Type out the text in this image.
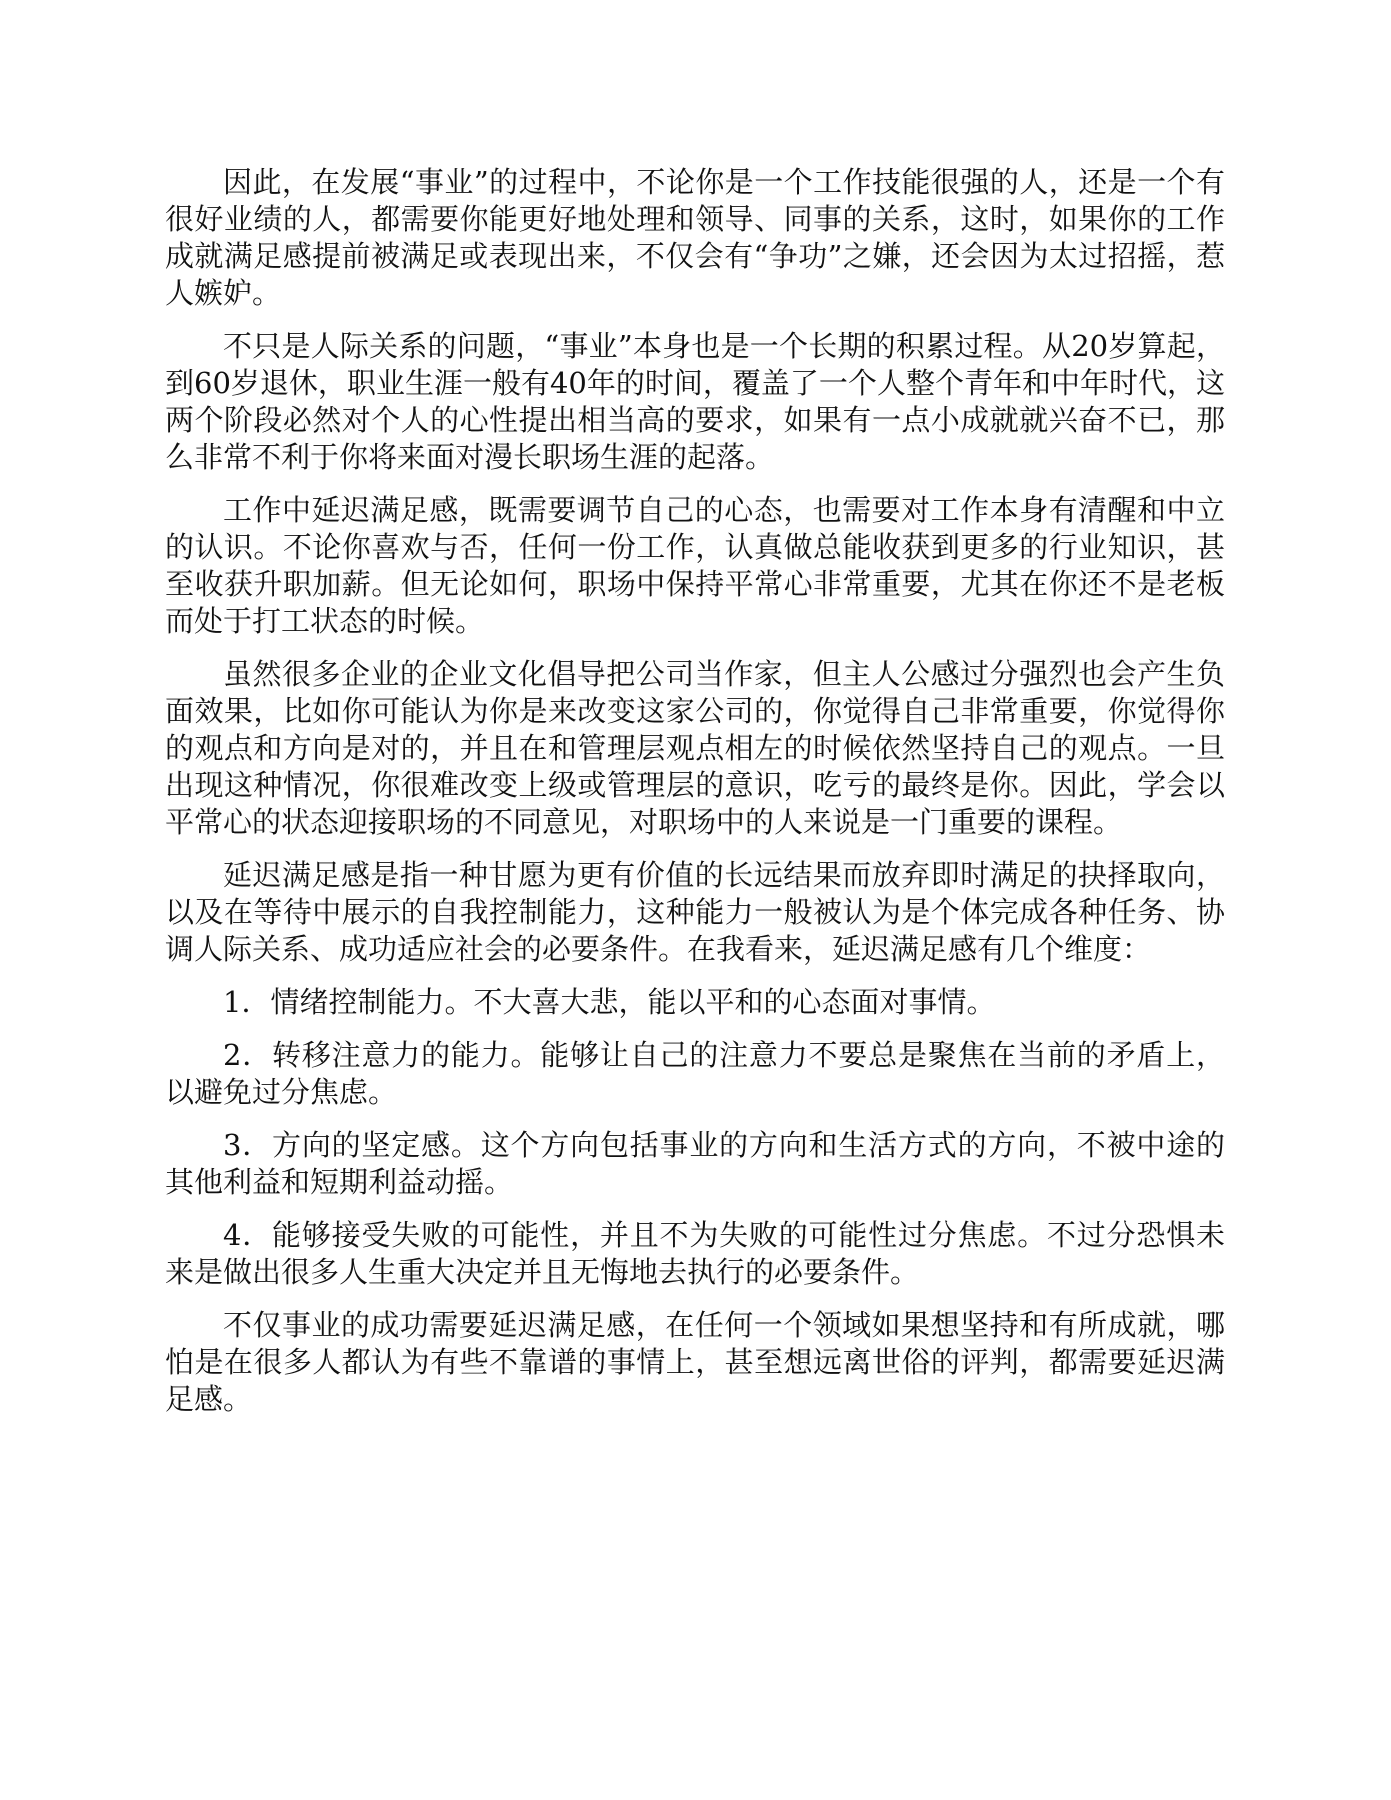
因此，在发展“事业”的过程中，不论你是一个工作技能很强的人，还是一个有很好业绩的人，都需要你能更好地处理和领导、同事的关系，这时，如果你的工作成就满足感提前被满足或表现出来，不仅会有“争功”之嫌，还会因为太过招摇，惹人嫉妒。

不只是人际关系的问题，“事业”本身也是一个长期的积累过程。从20岁算起，到60岁退休，职业生涯一般有40年的时间，覆盖了一个人整个青年和中年时代，这两个阶段必然对个人的心性提出相当高的要求，如果有一点小成就就兴奋不已，那么非常不利于你将来面对漫长职场生涯的起落。

工作中延迟满足感，既需要调节自己的心态，也需要对工作本身有清醒和中立的认识。不论你喜欢与否，任何一份工作，认真做总能收获到更多的行业知识，甚至收获升职加薪。但无论如何，职场中保持平常心非常重要，尤其在你还不是老板而处于打工状态的时候。

虽然很多企业的企业文化倡导把公司当作家，但主人公感过分强烈也会产生负面效果，比如你可能认为你是来改变这家公司的，你觉得自己非常重要，你觉得你的观点和方向是对的，并且在和管理层观点相左的时候依然坚持自己的观点。一旦出现这种情况，你很难改变上级或管理层的意识，吃亏的最终是你。因此，学会以平常心的状态迎接职场的不同意见，对职场中的人来说是一门重要的课程。

延迟满足感是指一种甘愿为更有价值的长远结果而放弃即时满足的抉择取向，以及在等待中展示的自我控制能力，这种能力一般被认为是个体完成各种任务、协调人际关系、成功适应社会的必要条件。在我看来，延迟满足感有几个维度：

1．情绪控制能力。不大喜大悲，能以平和的心态面对事情。

2．转移注意力的能力。能够让自己的注意力不要总是聚焦在当前的矛盾上，以避免过分焦虑。

3．方向的坚定感。这个方向包括事业的方向和生活方式的方向，不被中途的其他利益和短期利益动摇。

4．能够接受失败的可能性，并且不为失败的可能性过分焦虑。不过分恐惧未来是做出很多人生重大决定并且无悔地去执行的必要条件。

不仅事业的成功需要延迟满足感，在任何一个领域如果想坚持和有所成就，哪怕是在很多人都认为有些不靠谱的事情上，甚至想远离世俗的评判，都需要延迟满足感。
